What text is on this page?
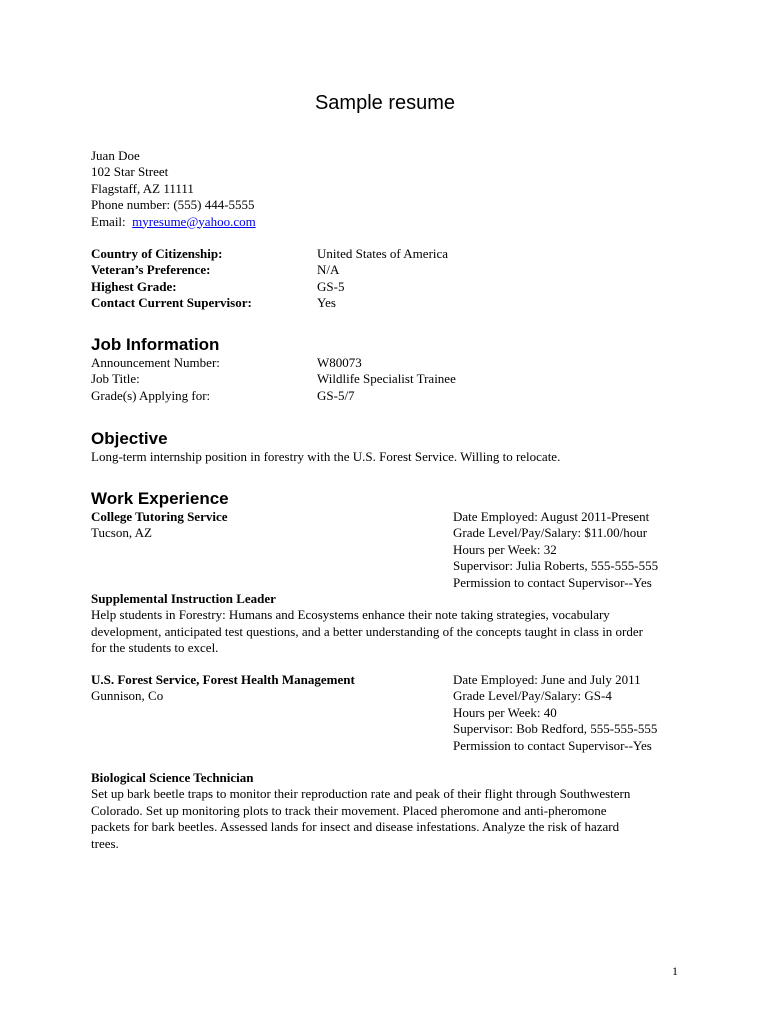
Sample resume
Juan Doe
102 Star Street
Flagstaff, AZ 11111
Phone number: (555) 444-5555
Email:  myresume@yahoo.com
Country of Citizenship:	United States of America
Veteran’s Preference:	N/A
Highest Grade:	GS-5
Contact Current Supervisor:	Yes
Job Information
Announcement Number:	W80073
Job Title:	Wildlife Specialist Trainee
Grade(s) Applying for:	GS-5/7
Objective
Long-term internship position in forestry with the U.S. Forest Service. Willing to relocate.
Work Experience
College Tutoring Service
Tucson, AZ
Date Employed: August 2011-Present
Grade Level/Pay/Salary: $11.00/hour
Hours per Week: 32
Supervisor: Julia Roberts, 555-555-555
Permission to contact Supervisor--Yes
Supplemental Instruction Leader
Help students in Forestry: Humans and Ecosystems enhance their note taking strategies, vocabulary
development, anticipated test questions, and a better understanding of the concepts taught in class in order
for the students to excel.
U.S. Forest Service, Forest Health Management
Gunnison, Co
Date Employed: June and July 2011
Grade Level/Pay/Salary: GS-4
Hours per Week: 40
Supervisor: Bob Redford, 555-555-555
Permission to contact Supervisor--Yes
Biological Science Technician
Set up bark beetle traps to monitor their reproduction rate and peak of their flight through Southwestern
Colorado. Set up monitoring plots to track their movement. Placed pheromone and anti-pheromone
packets for bark beetles. Assessed lands for insect and disease infestations. Analyze the risk of hazard
trees.
1
